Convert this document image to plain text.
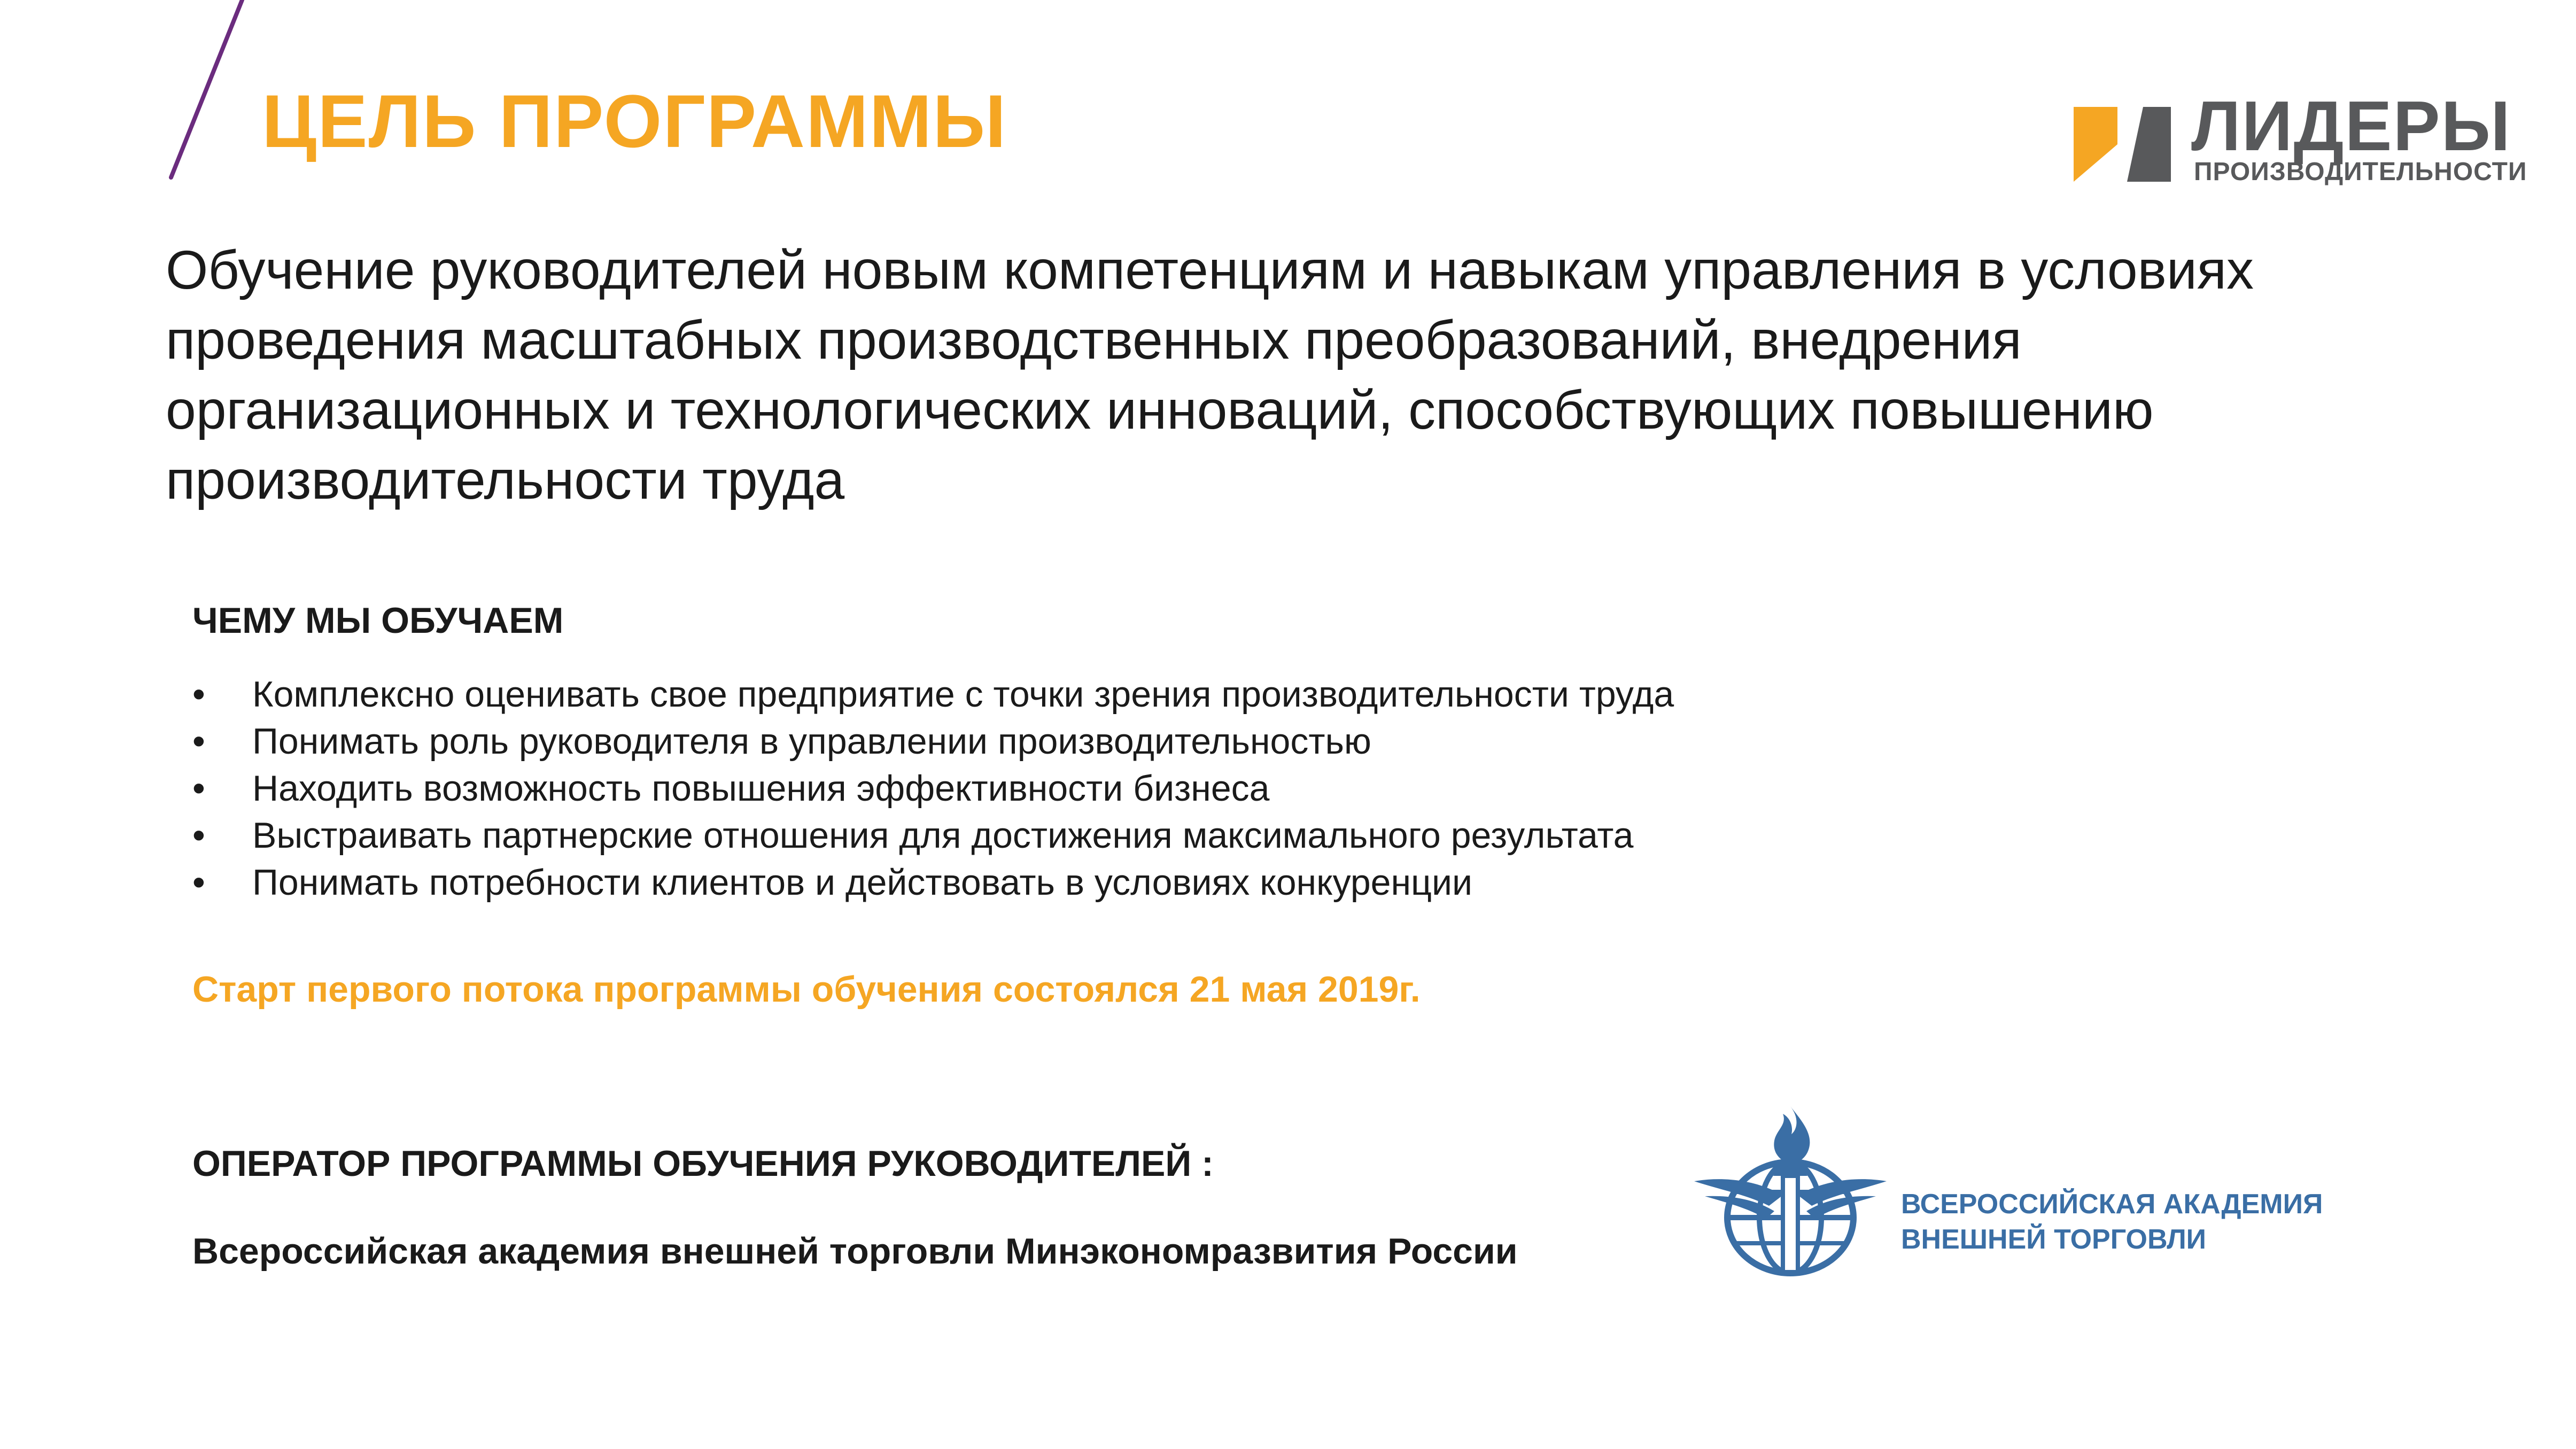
ЦЕЛЬ ПРОГРАММЫ	ЛИДЕРЫ
ПРОИЗВОДИТЕЛЬНОСТИ

Обучение руководителей новым компетенциям и навыкам управления в условиях проведения масштабных производственных преобразований, внедрения организационных и технологических инноваций, способствующих повышению производительности труда

ЧЕМУ МЫ ОБУЧАЕМ
•	Комплексно оценивать свое предприятие с точки зрения производительности труда
•	Понимать роль руководителя в управлении производительностью
•	Находить возможность повышения эффективности бизнеса
•	Выстраивать партнерские отношения для достижения максимального результата
•	Понимать потребности клиентов и действовать в условиях конкуренции

Старт первого потока программы обучения состоялся 21 мая 2019г.

ОПЕРАТОР ПРОГРАММЫ ОБУЧЕНИЯ РУКОВОДИТЕЛЕЙ :

Всероссийская академия внешней торговли Минэкономразвития России

ВСЕРОССИЙСКАЯ АКАДЕМИЯ
ВНЕШНЕЙ ТОРГОВЛИ
